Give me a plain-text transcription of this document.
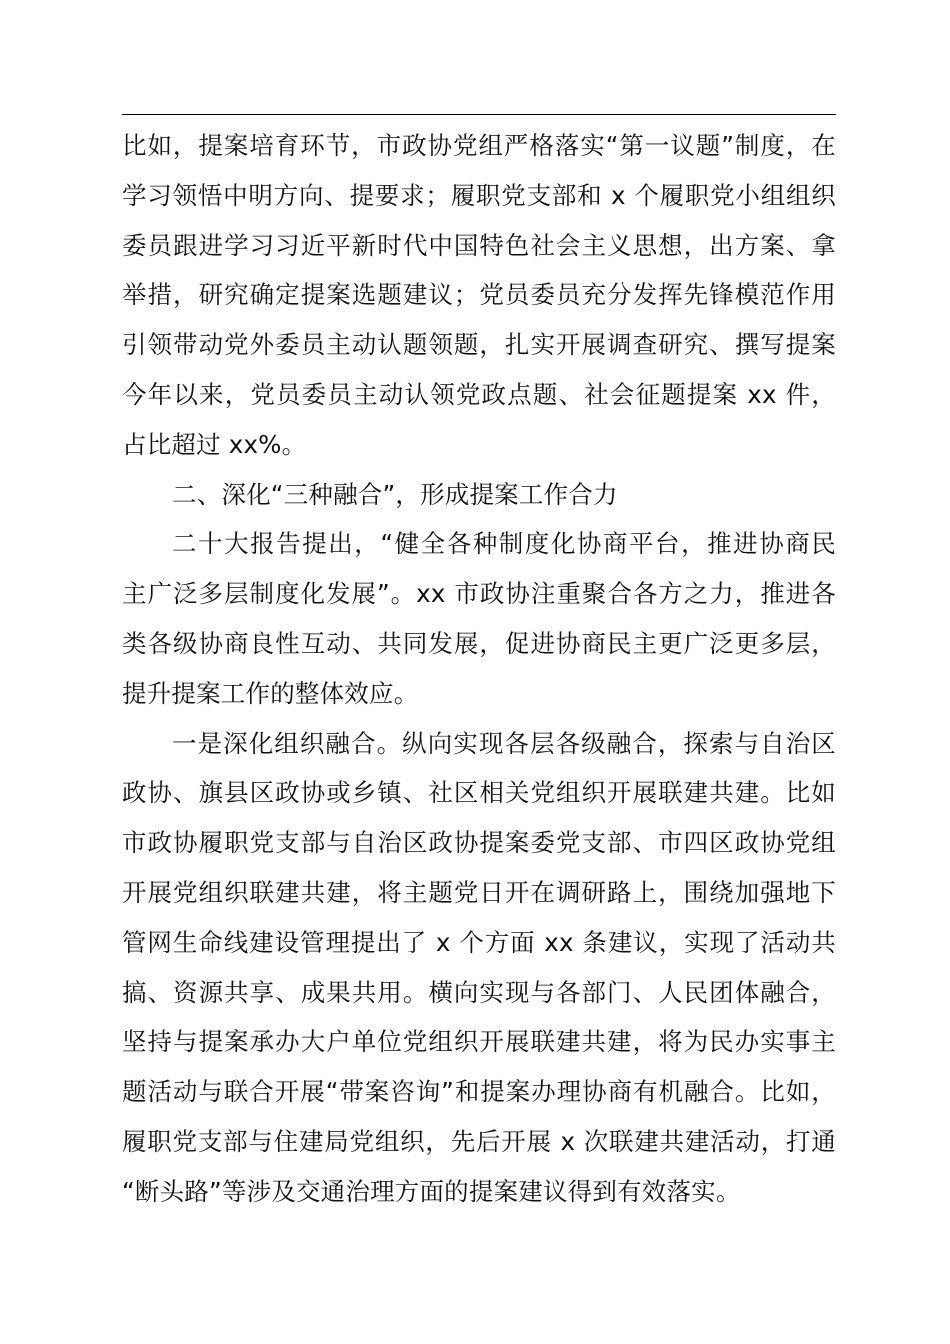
比如，提案培育环节，市政协党组严格落实“第一议题”制度，在
学习领悟中明方向、提要求；履职党支部和 x 个履职党小组组织
委员跟进学习习近平新时代中国特色社会主义思想，出方案、拿
举措，研究确定提案选题建议；党员委员充分发挥先锋模范作用
引领带动党外委员主动认题领题，扎实开展调查研究、撰写提案
今年以来，党员委员主动认领党政点题、社会征题提案 xx 件，
占比超过 xx%。
二、深化“三种融合”，形成提案工作合力
二十大报告提出，“健全各种制度化协商平台，推进协商民
主广泛多层制度化发展”。xx 市政协注重聚合各方之力，推进各
类各级协商良性互动、共同发展，促进协商民主更广泛更多层，
提升提案工作的整体效应。
一是深化组织融合。纵向实现各层各级融合，探索与自治区
政协、旗县区政协或乡镇、社区相关党组织开展联建共建。比如
市政协履职党支部与自治区政协提案委党支部、市四区政协党组
开展党组织联建共建，将主题党日开在调研路上，围绕加强地下
管网生命线建设管理提出了 x 个方面 xx 条建议，实现了活动共
搞、资源共享、成果共用。横向实现与各部门、人民团体融合，
坚持与提案承办大户单位党组织开展联建共建，将为民办实事主
题活动与联合开展“带案咨询”和提案办理协商有机融合。比如，
履职党支部与住建局党组织，先后开展 x 次联建共建活动，打通
“断头路”等涉及交通治理方面的提案建议得到有效落实。
